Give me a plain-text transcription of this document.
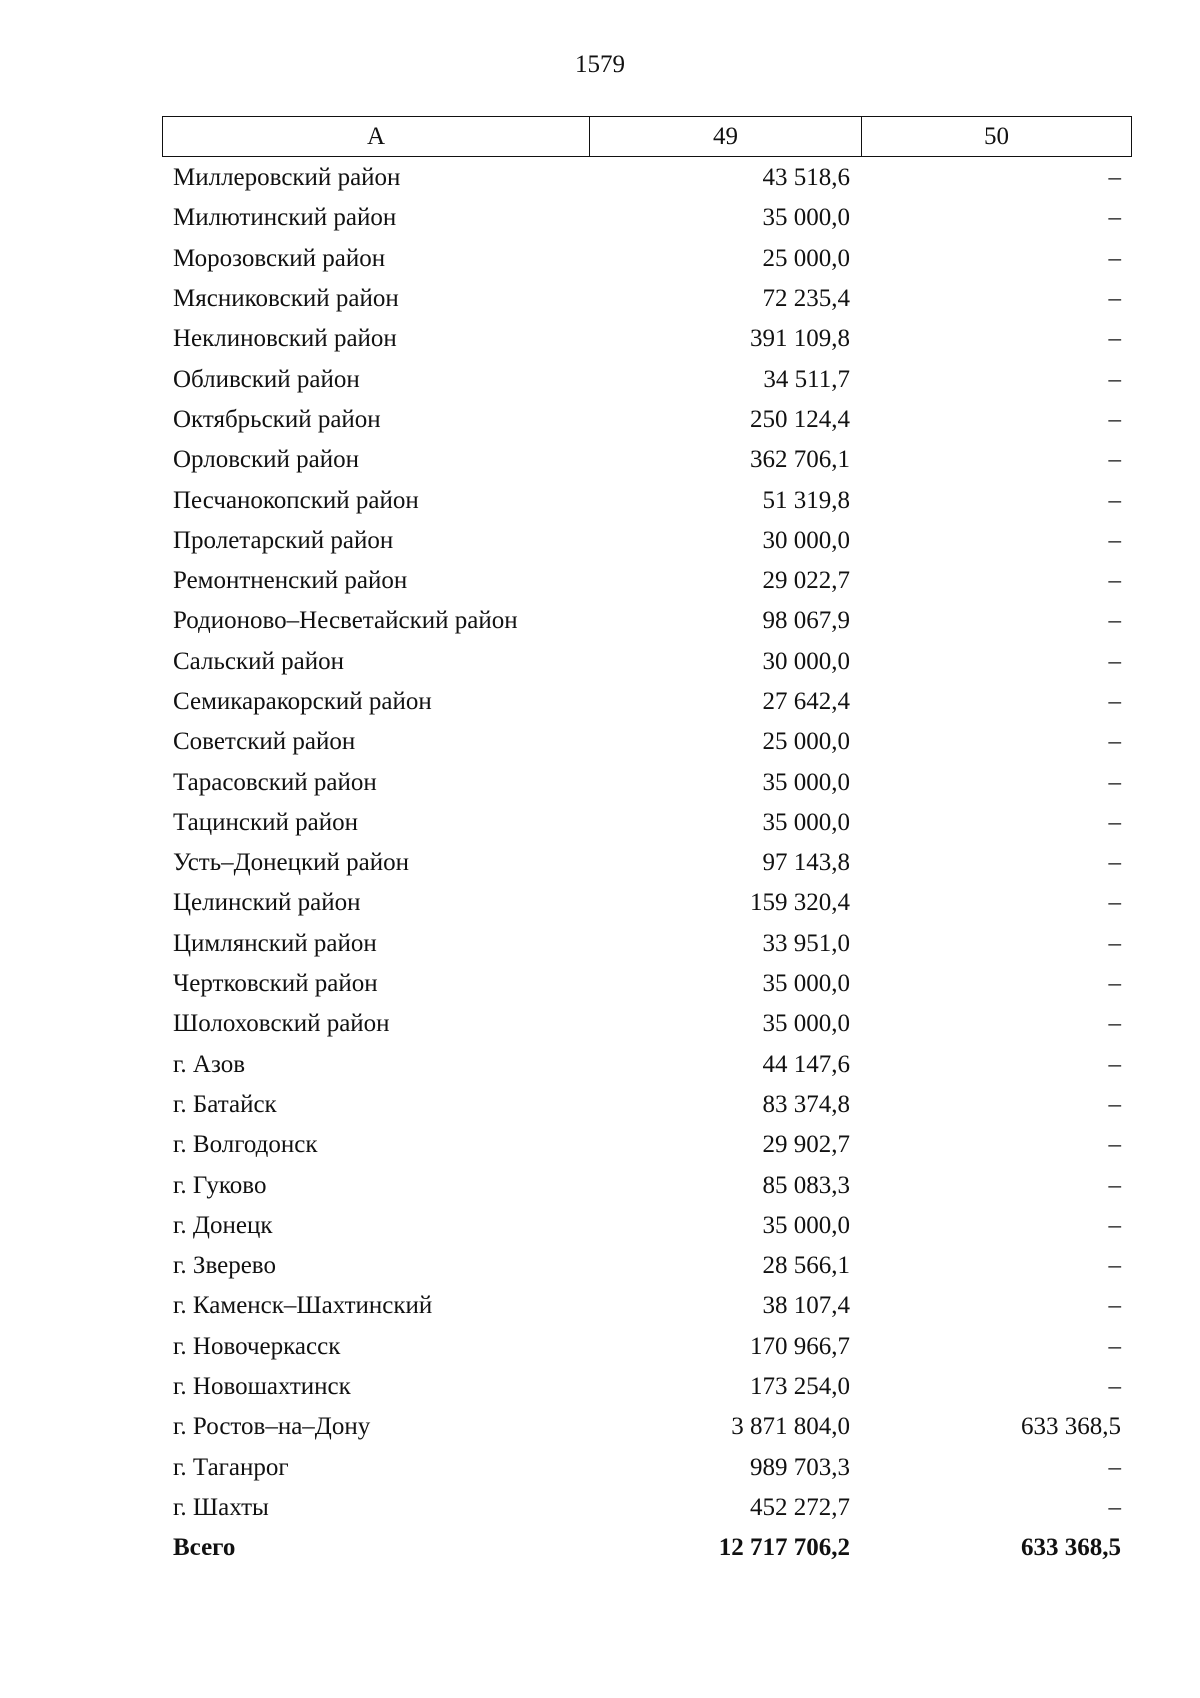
1579
А	49	50
Миллеровский район	43 518,6	–
Милютинский район	35 000,0	–
Морозовский район	25 000,0	–
Мясниковский район	72 235,4	–
Неклиновский район	391 109,8	–
Обливский район	34 511,7	–
Октябрьский район	250 124,4	–
Орловский район	362 706,1	–
Песчанокопский район	51 319,8	–
Пролетарский район	30 000,0	–
Ремонтненский район	29 022,7	–
Родионово–Несветайский район	98 067,9	–
Сальский район	30 000,0	–
Семикаракорский район	27 642,4	–
Советский район	25 000,0	–
Тарасовский район	35 000,0	–
Тацинский район	35 000,0	–
Усть–Донецкий район	97 143,8	–
Целинский район	159 320,4	–
Цимлянский район	33 951,0	–
Чертковский район	35 000,0	–
Шолоховский район	35 000,0	–
г. Азов	44 147,6	–
г. Батайск	83 374,8	–
г. Волгодонск	29 902,7	–
г. Гуково	85 083,3	–
г. Донецк	35 000,0	–
г. Зверево	28 566,1	–
г. Каменск–Шахтинский	38 107,4	–
г. Новочеркасск	170 966,7	–
г. Новошахтинск	173 254,0	–
г. Ростов–на–Дону	3 871 804,0	633 368,5
г. Таганрог	989 703,3	–
г. Шахты	452 272,7	–
Всего	12 717 706,2	633 368,5
